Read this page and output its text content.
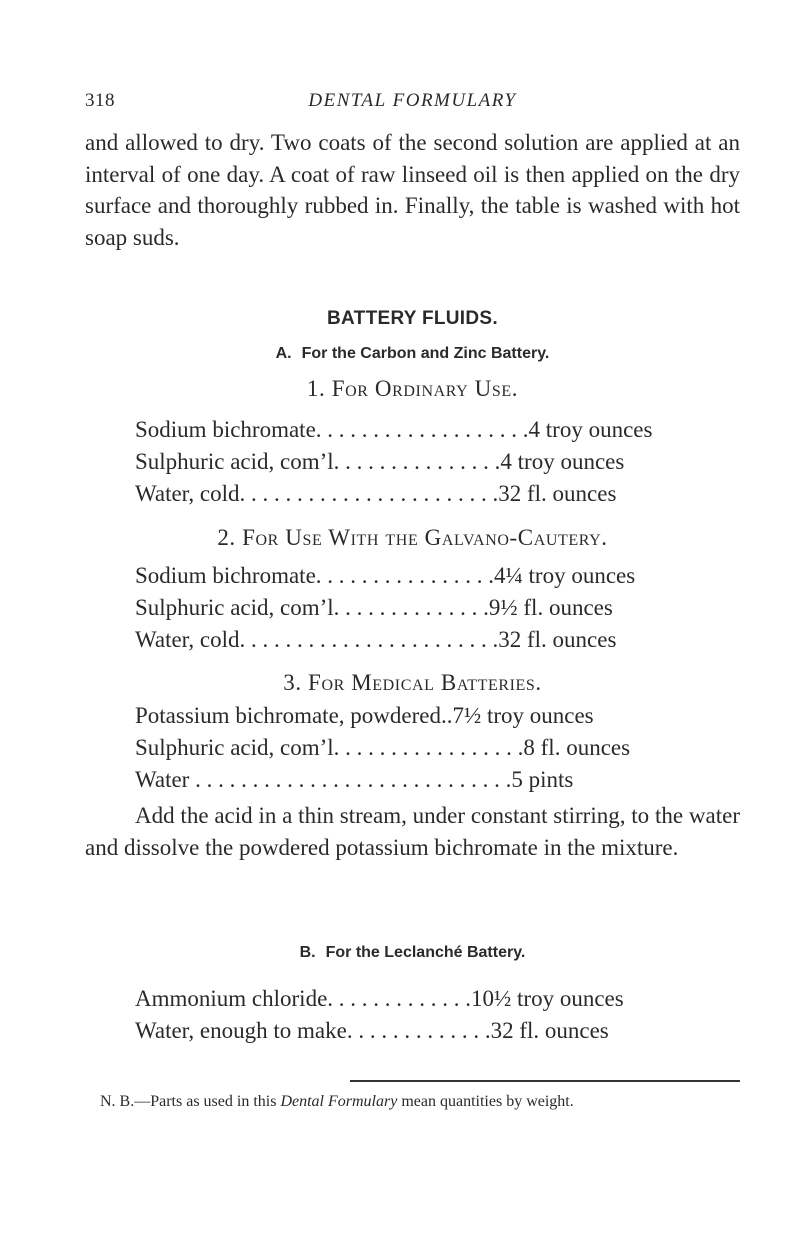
318	DENTAL FORMULARY

and allowed to dry. Two coats of the second solution are applied at an interval of one day. A coat of raw linseed oil is then applied on the dry surface and thoroughly rubbed in. Finally, the table is washed with hot soap suds.

BATTERY FLUIDS.
A. For the Carbon and Zinc Battery.
1. For Ordinary Use.
Sodium bichromate. . . . . . . . . . . . . . . . . . .4 troy ounces
Sulphuric acid, com’l. . . . . . . . . . . . . . .4 troy ounces
Water, cold. . . . . . . . . . . . . . . . . . . . . . .32 fl. ounces
2. For Use With the Galvano-Cautery.
Sodium bichromate. . . . . . . . . . . . . . . .4¼ troy ounces
Sulphuric acid, com’l. . . . . . . . . . . . . .9½ fl. ounces
Water, cold. . . . . . . . . . . . . . . . . . . . . . .32 fl. ounces
3. For Medical Batteries.
Potassium bichromate, powdered..7½ troy ounces
Sulphuric acid, com’l. . . . . . . . . . . . . . . . .8 fl. ounces
Water . . . . . . . . . . . . . . . . . . . . . . . . . . . .5 pints

Add the acid in a thin stream, under constant stirring, to the water and dissolve the powdered potassium bichromate in the mixture.

B. For the Leclanché Battery.
Ammonium chloride. . . . . . . . . . . . .10½ troy ounces
Water, enough to make. . . . . . . . . . . . .32 fl. ounces

N. B.—Parts as used in this Dental Formulary mean quantities by weight.
